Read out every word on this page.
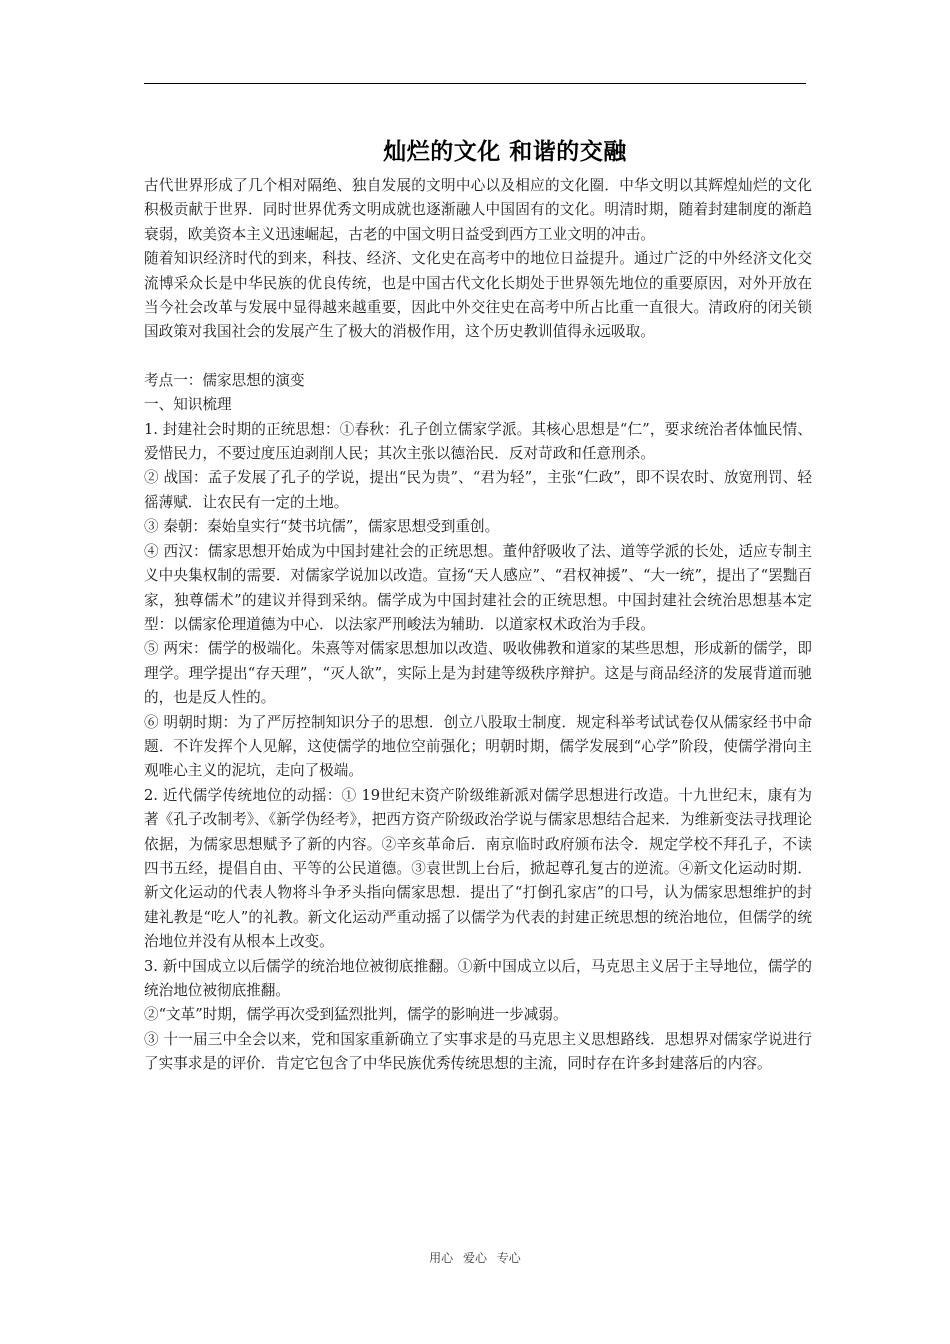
灿烂的文化 和谐的交融

古代世界形成了几个相对隔绝、独自发展的文明中心以及相应的文化圈．中华文明以其辉煌灿烂的文化积极贡献于世界．同时世界优秀文明成就也逐渐融人中国固有的文化。明清时期，随着封建制度的渐趋衰弱，欧美资本主义迅速崛起，古老的中国文明日益受到西方工业文明的冲击。

随着知识经济时代的到来，科技、经济、文化史在高考中的地位日益提升。通过广泛的中外经济文化交流博采众长是中华民族的优良传统，也是中国古代文化长期处于世界领先地位的重要原因，对外开放在当今社会改革与发展中显得越来越重要，因此中外交往史在高考中所占比重一直很大。清政府的闭关锁国政策对我国社会的发展产生了极大的消极作用，这个历史教训值得永远吸取。

考点一：儒家思想的演变

一、知识梳理

1. 封建社会时期的正统思想：①春秋：孔子创立儒家学派。其核心思想是“仁”，要求统治者体恤民情、爱惜民力，不要过度压迫剥削人民；其次主张以德治民．反对苛政和任意刑杀。

② 战国：孟子发展了孔子的学说，提出“民为贵”、“君为轻”，主张“仁政”，即不误农时、放宽刑罚、轻徭薄赋．让农民有一定的土地。

③ 秦朝：秦始皇实行“焚书坑儒”，儒家思想受到重创。

④ 西汉：儒家思想开始成为中国封建社会的正统思想。董仲舒吸收了法、道等学派的长处，适应专制主义中央集权制的需要．对儒家学说加以改造。宣扬“天人感应”、“君权神援”、“大一统”，提出了“罢黜百家，独尊儒术”的建议并得到采纳。儒学成为中国封建社会的正统思想。中国封建社会统治思想基本定型：以儒家伦理道德为中心．以法家严刑峻法为辅助．以道家权术政治为手段。

⑤ 两宋：儒学的极端化。朱熹等对儒家思想加以改造、吸收佛教和道家的某些思想，形成新的儒学，即理学。理学提出“存天理”，“灭人欲”，实际上是为封建等级秩序辩护。这是与商品经济的发展背道而驰的，也是反人性的。

⑥ 明朝时期：为了严厉控制知识分子的思想．创立八股取士制度．规定科举考试试卷仅从儒家经书中命题．不许发挥个人见解，这使儒学的地位空前强化；明朝时期，儒学发展到“心学”阶段，使儒学滑向主观唯心主义的泥坑，走向了极端。

2. 近代儒学传统地位的动摇：① 19世纪末资产阶级维新派对儒学思想进行改造。十九世纪末，康有为著《孔子改制考》、《新学伪经考》，把西方资产阶级政治学说与儒家思想结合起来．为维新变法寻找理论依据，为儒家思想赋予了新的内容。②辛亥革命后．南京临时政府颁布法令．规定学校不拜孔子，不读四书五经，提倡自由、平等的公民道德。③袁世凯上台后，掀起尊孔复古的逆流。④新文化运动时期．新文化运动的代表人物将斗争矛头指向儒家思想．提出了“打倒孔家店”的口号，认为儒家思想维护的封建礼教是“吃人”的礼教。新文化运动严重动摇了以儒学为代表的封建正统思想的统治地位，但儒学的统治地位并没有从根本上改变。

3. 新中国成立以后儒学的统治地位被彻底推翻。①新中国成立以后，马克思主义居于主导地位，儒学的统治地位被彻底推翻。

②“文革”时期，儒学再次受到猛烈批判，儒学的影响进一步减弱。

③ 十一届三中全会以来，党和国家重新确立了实事求是的马克思主义思想路线．思想界对儒家学说进行了实事求是的评价．肯定它包含了中华民族优秀传统思想的主流，同时存在许多封建落后的内容。

用心 爱心 专心
